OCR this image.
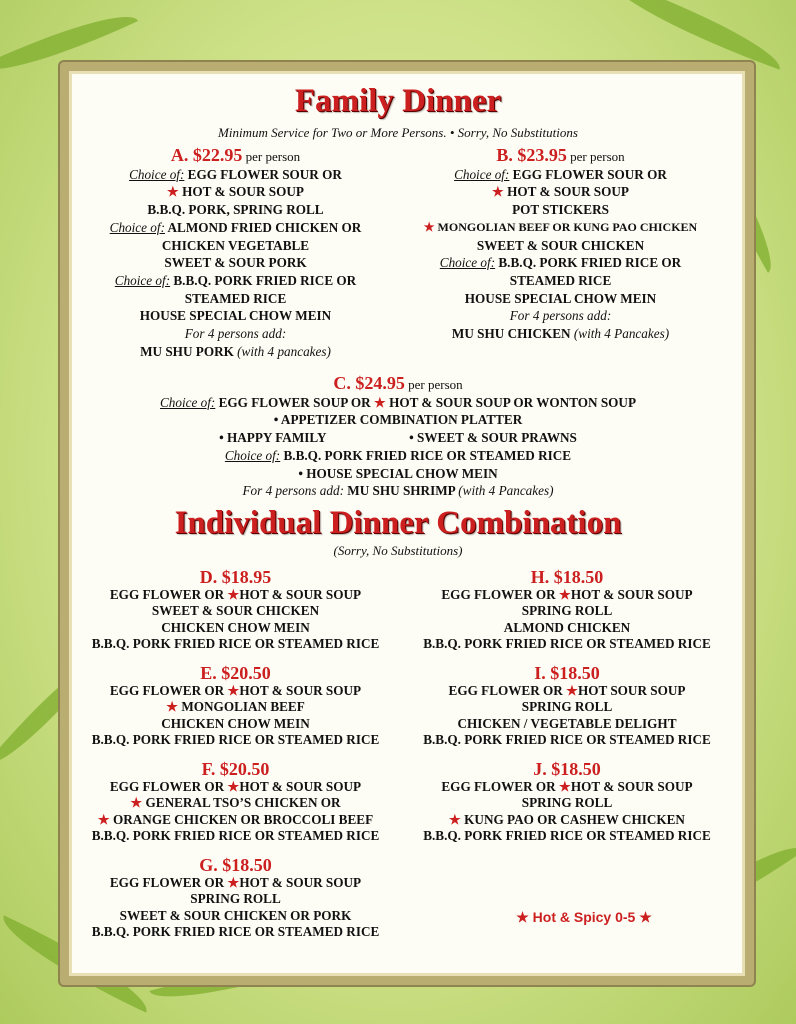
Family Dinner
Minimum Service for Two or More Persons. • Sorry, No Substitutions
A. $22.95 per person
Choice of: EGG FLOWER SOUR OR
★ HOT & SOUR SOUP
B.B.Q. PORK, SPRING ROLL
Choice of: ALMOND FRIED CHICKEN OR
CHICKEN VEGETABLE
SWEET & SOUR PORK
Choice of: B.B.Q. PORK FRIED RICE OR
STEAMED RICE
HOUSE SPECIAL CHOW MEIN
For 4 persons add:
MU SHU PORK (with 4 pancakes)
B. $23.95 per person
Choice of: EGG FLOWER SOUR OR
★ HOT & SOUR SOUP
POT STICKERS
★ MONGOLIAN BEEF OR KUNG PAO CHICKEN
SWEET & SOUR CHICKEN
Choice of: B.B.Q. PORK FRIED RICE OR
STEAMED RICE
HOUSE SPECIAL CHOW MEIN
For 4 persons add:
MU SHU CHICKEN (with 4 Pancakes)
C. $24.95 per person
Choice of: EGG FLOWER SOUP OR ★ HOT & SOUR SOUP OR WONTON SOUP
• APPETIZER COMBINATION PLATTER
• HAPPY FAMILY	• SWEET & SOUR PRAWNS
Choice of: B.B.Q. PORK FRIED RICE OR STEAMED RICE
• HOUSE SPECIAL CHOW MEIN
For 4 persons add: MU SHU SHRIMP (with 4 Pancakes)
Individual Dinner Combination
(Sorry, No Substitutions)
D. $18.95
EGG FLOWER OR ★HOT & SOUR SOUP
SWEET & SOUR CHICKEN
CHICKEN CHOW MEIN
B.B.Q. PORK FRIED RICE OR STEAMED RICE
H. $18.50
EGG FLOWER OR ★HOT & SOUR SOUP
SPRING ROLL
ALMOND CHICKEN
B.B.Q. PORK FRIED RICE OR STEAMED RICE
E. $20.50
EGG FLOWER OR ★HOT & SOUR SOUP
★ MONGOLIAN BEEF
CHICKEN CHOW MEIN
B.B.Q. PORK FRIED RICE OR STEAMED RICE
I. $18.50
EGG FLOWER OR ★HOT SOUR SOUP
SPRING ROLL
CHICKEN / VEGETABLE DELIGHT
B.B.Q. PORK FRIED RICE OR STEAMED RICE
F. $20.50
EGG FLOWER OR ★HOT & SOUR SOUP
★ GENERAL TSO’S CHICKEN OR
★ ORANGE CHICKEN OR BROCCOLI BEEF
B.B.Q. PORK FRIED RICE OR STEAMED RICE
J. $18.50
EGG FLOWER OR ★HOT & SOUR SOUP
SPRING ROLL
★ KUNG PAO OR CASHEW CHICKEN
B.B.Q. PORK FRIED RICE OR STEAMED RICE
G. $18.50
EGG FLOWER OR ★HOT & SOUR SOUP
SPRING ROLL
SWEET & SOUR CHICKEN OR PORK
B.B.Q. PORK FRIED RICE OR STEAMED RICE
★ Hot & Spicy 0-5 ★
